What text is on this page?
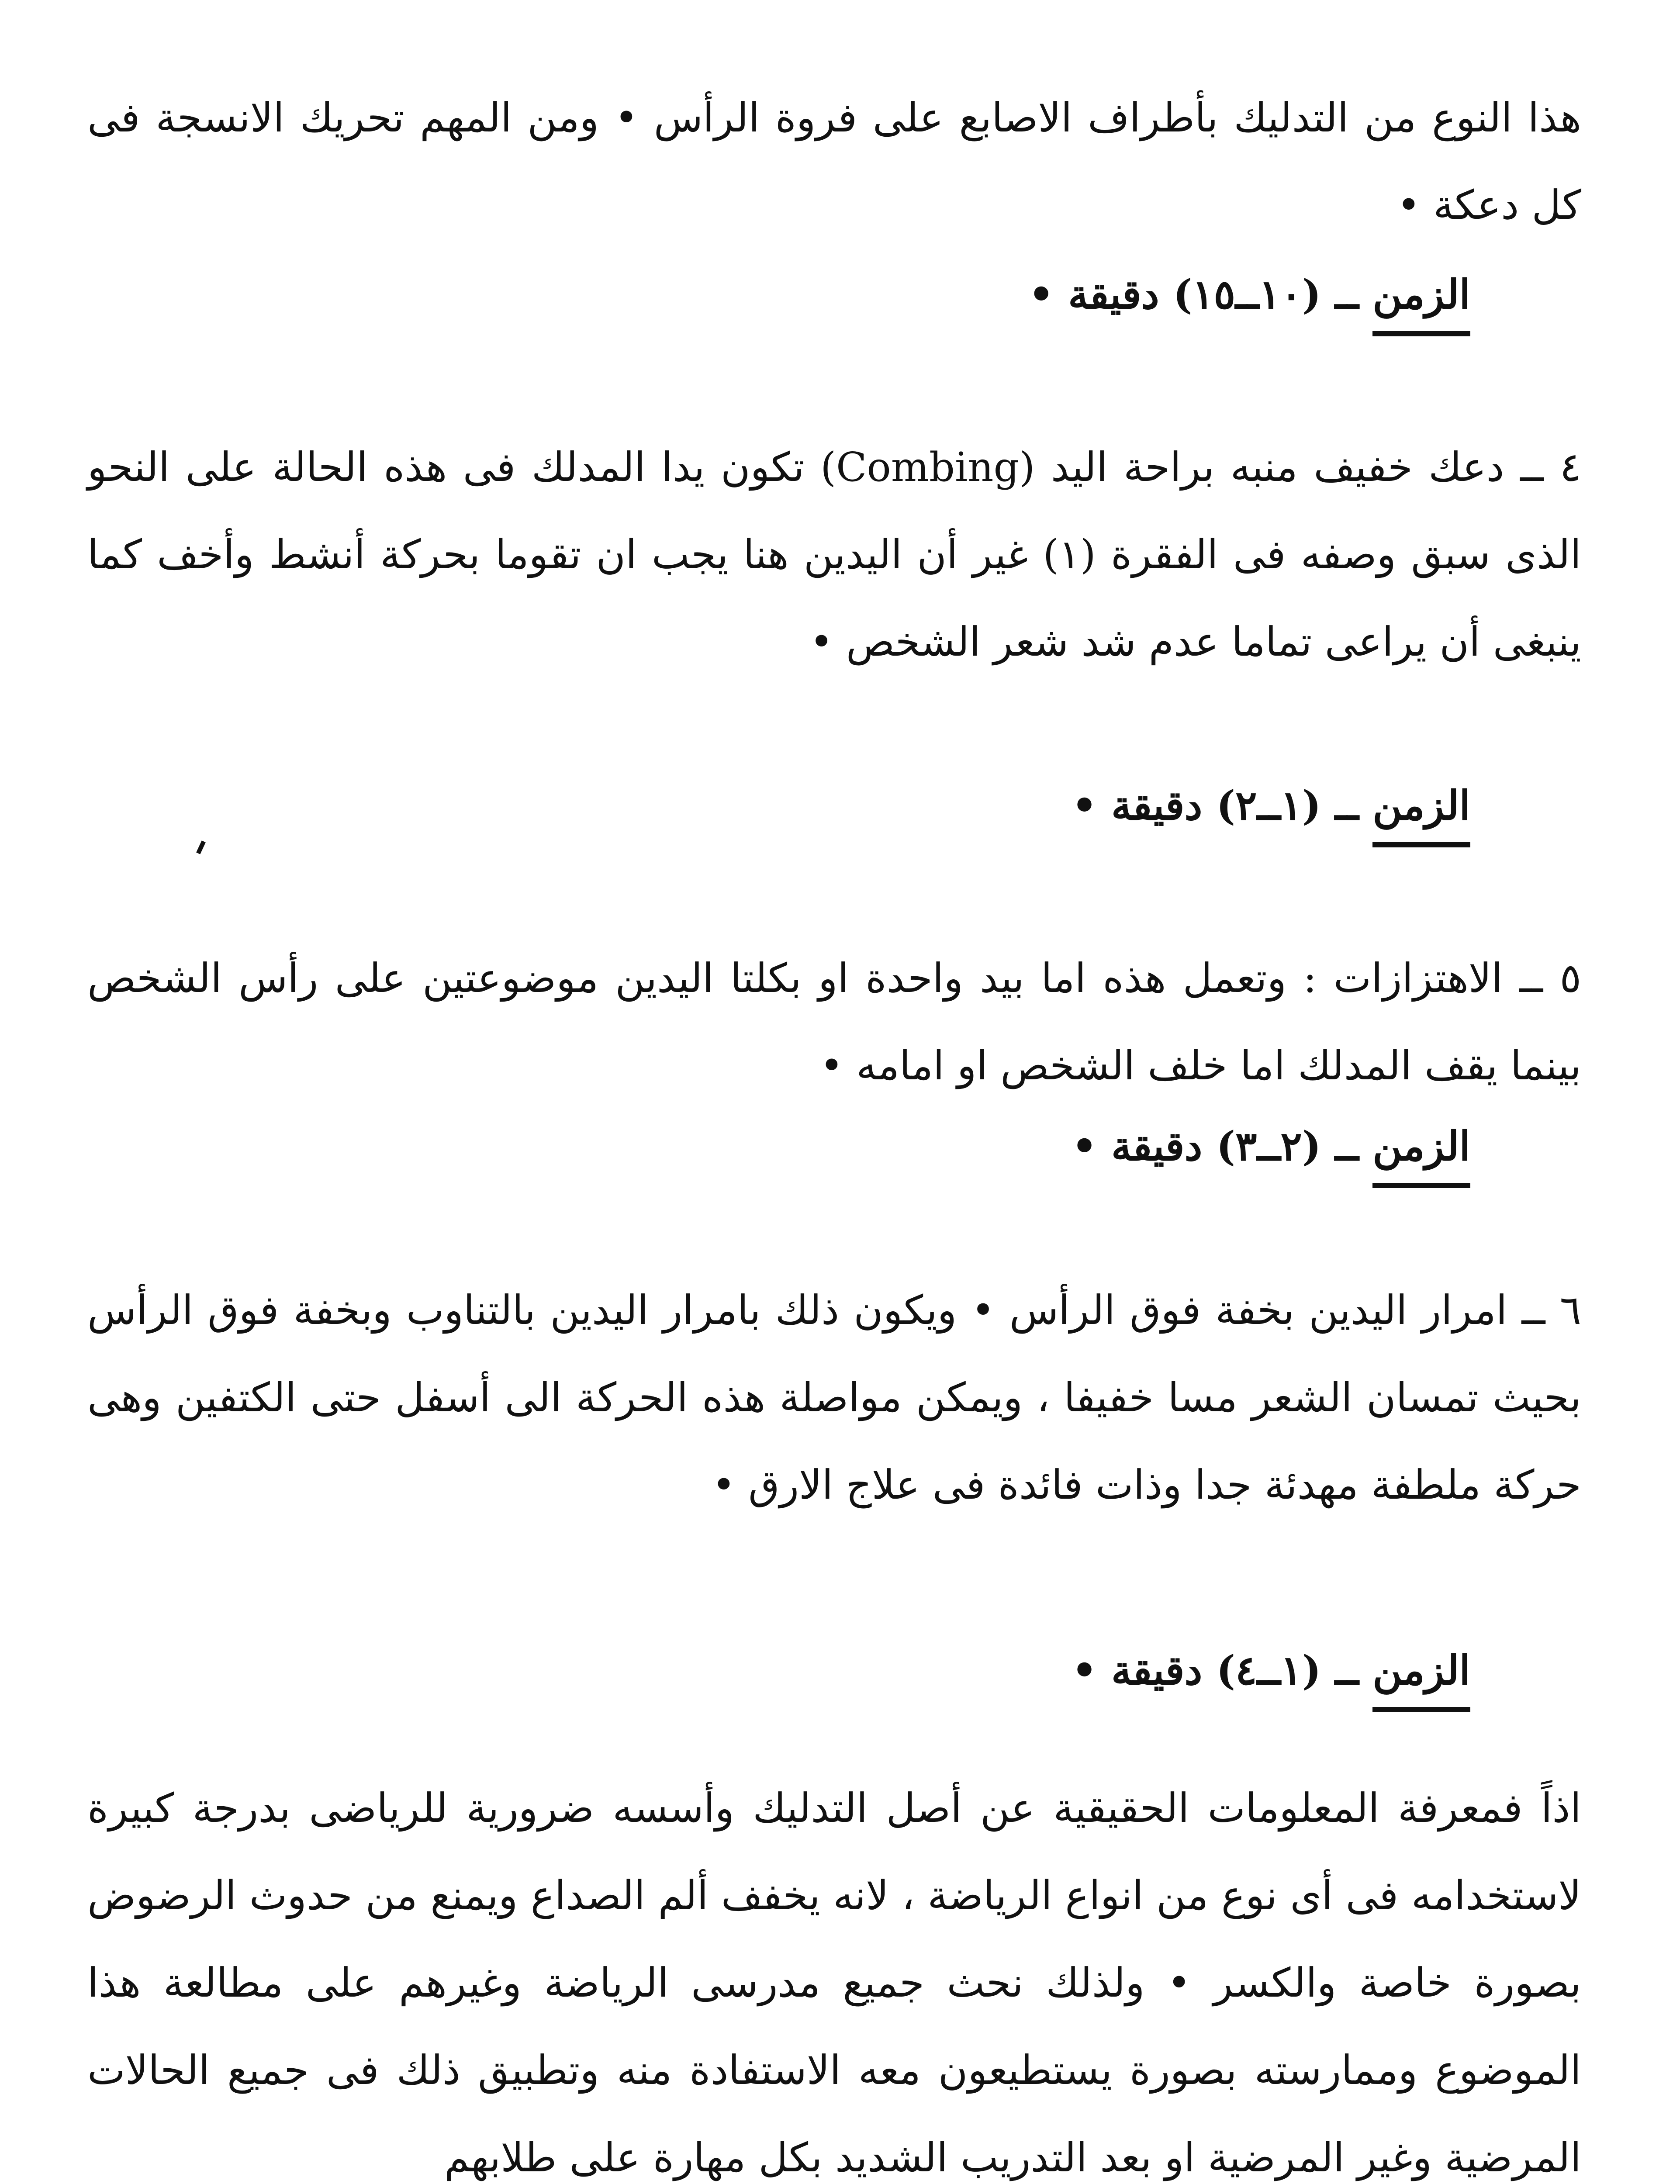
هذا النوع من التدليك بأطراف الاصابع على فروة الرأس • ومن المهم تحريك الانسجة فى كل دعكة •

الزمن ــ (١٠ــ١٥) دقيقة •

٤ ــ دعك خفيف منبه براحة اليد (Combing) تكون يدا المدلك فى هذه الحالة على النحو الذى سبق وصفه فى الفقرة (١) غير أن اليدين هنا يجب ان تقوما بحركة أنشط وأخف كما ينبغى أن يراعى تماما عدم شد شعر الشخص •

الزمن ــ (١ــ٢) دقيقة •

٥ ــ الاهتزازات : وتعمل هذه اما بيد واحدة او بكلتا اليدين موضوعتين على رأس الشخص بينما يقف المدلك اما خلف الشخص او امامه •

الزمن ــ (٢ــ٣) دقيقة •

٦ ــ امرار اليدين بخفة فوق الرأس • ويكون ذلك بامرار اليدين بالتناوب وبخفة فوق الرأس بحيث تمسان الشعر مسا خفيفا ، ويمكن مواصلة هذه الحركة الى أسفل حتى الكتفين وهى حركة ملطفة مهدئة جدا وذات فائدة فى علاج الارق •

الزمن ــ (١ــ٤) دقيقة •

اذاً فمعرفة المعلومات الحقيقية عن أصل التدليك وأسسه ضرورية للرياضى بدرجة كبيرة لاستخدامه فى أى نوع من انواع الرياضة ، لانه يخفف ألم الصداع ويمنع من حدوث الرضوض بصورة خاصة والكسر • ولذلك نحث جميع مدرسى الرياضة وغيرهم على مطالعة هذا الموضوع وممارسته بصورة يستطيعون معه الاستفادة منه وتطبيق ذلك فى جميع الحالات المرضية وغير المرضية او بعد التدريب الشديد بكل مهارة على طلابهم
